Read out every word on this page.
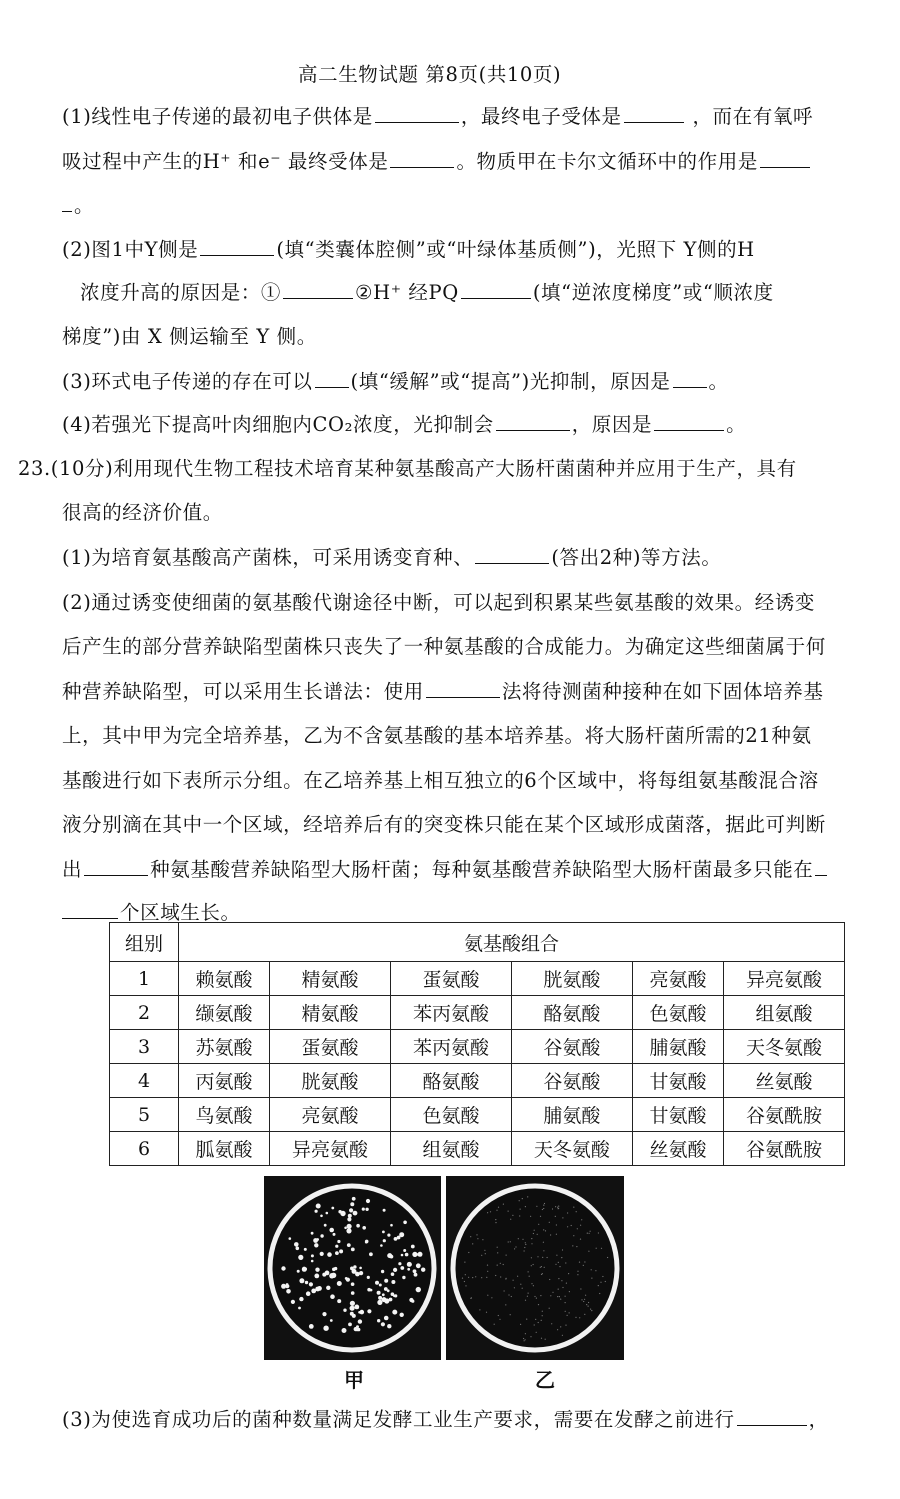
高二生物试题 第8页(共10页)
(1)线性电子传递的最初电子供体是	，最终电子受体是	，而在有氧呼
吸过程中产生的H⁺ 和e⁻ 最终受体是	。物质甲在卡尔文循环中的作用是
。
(2)图1中Y侧是	(填“类囊体腔侧”或“叶绿体基质侧”)，光照下 Y侧的H
浓度升高的原因是：①	②H⁺ 经PQ	(填“逆浓度梯度”或“顺浓度
梯度”)由 X 侧运输至 Y 侧。
(3)环式电子传递的存在可以 (填“缓解”或“提高”)光抑制，原因是 。
(4)若强光下提高叶肉细胞内CO₂浓度，光抑制会	，原因是	。
23.(10分)利用现代生物工程技术培育某种氨基酸高产大肠杆菌菌种并应用于生产，具有
很高的经济价值。
(1)为培育氨基酸高产菌株，可采用诱变育种、	(答出2种)等方法。
(2)通过诱变使细菌的氨基酸代谢途径中断，可以起到积累某些氨基酸的效果。经诱变
后产生的部分营养缺陷型菌株只丧失了一种氨基酸的合成能力。为确定这些细菌属于何
种营养缺陷型，可以采用生长谱法：使用	法将待测菌种接种在如下固体培养基
上，其中甲为完全培养基，乙为不含氨基酸的基本培养基。将大肠杆菌所需的21种氨
基酸进行如下表所示分组。在乙培养基上相互独立的6个区域中，将每组氨基酸混合溶
液分别滴在其中一个区域，经培养后有的突变株只能在某个区域形成菌落，据此可判断
出	种氨基酸营养缺陷型大肠杆菌；每种氨基酸营养缺陷型大肠杆菌最多只能在
个区域生长。
组别	氨基酸组合					
1	赖氨酸	精氨酸	蛋氨酸	胱氨酸	亮氨酸	异亮氨酸
2	缬氨酸	精氨酸	苯丙氨酸	酪氨酸	色氨酸	组氨酸
3	苏氨酸	蛋氨酸	苯丙氨酸	谷氨酸	脯氨酸	天冬氨酸
4	丙氨酸	胱氨酸	酪氨酸	谷氨酸	甘氨酸	丝氨酸
5	鸟氨酸	亮氨酸	色氨酸	脯氨酸	甘氨酸	谷氨酰胺
6	胍氨酸	异亮氨酸	组氨酸	天冬氨酸	丝氨酸	谷氨酰胺
甲	乙
(3)为使选育成功后的菌种数量满足发酵工业生产要求，需要在发酵之前进行	，
